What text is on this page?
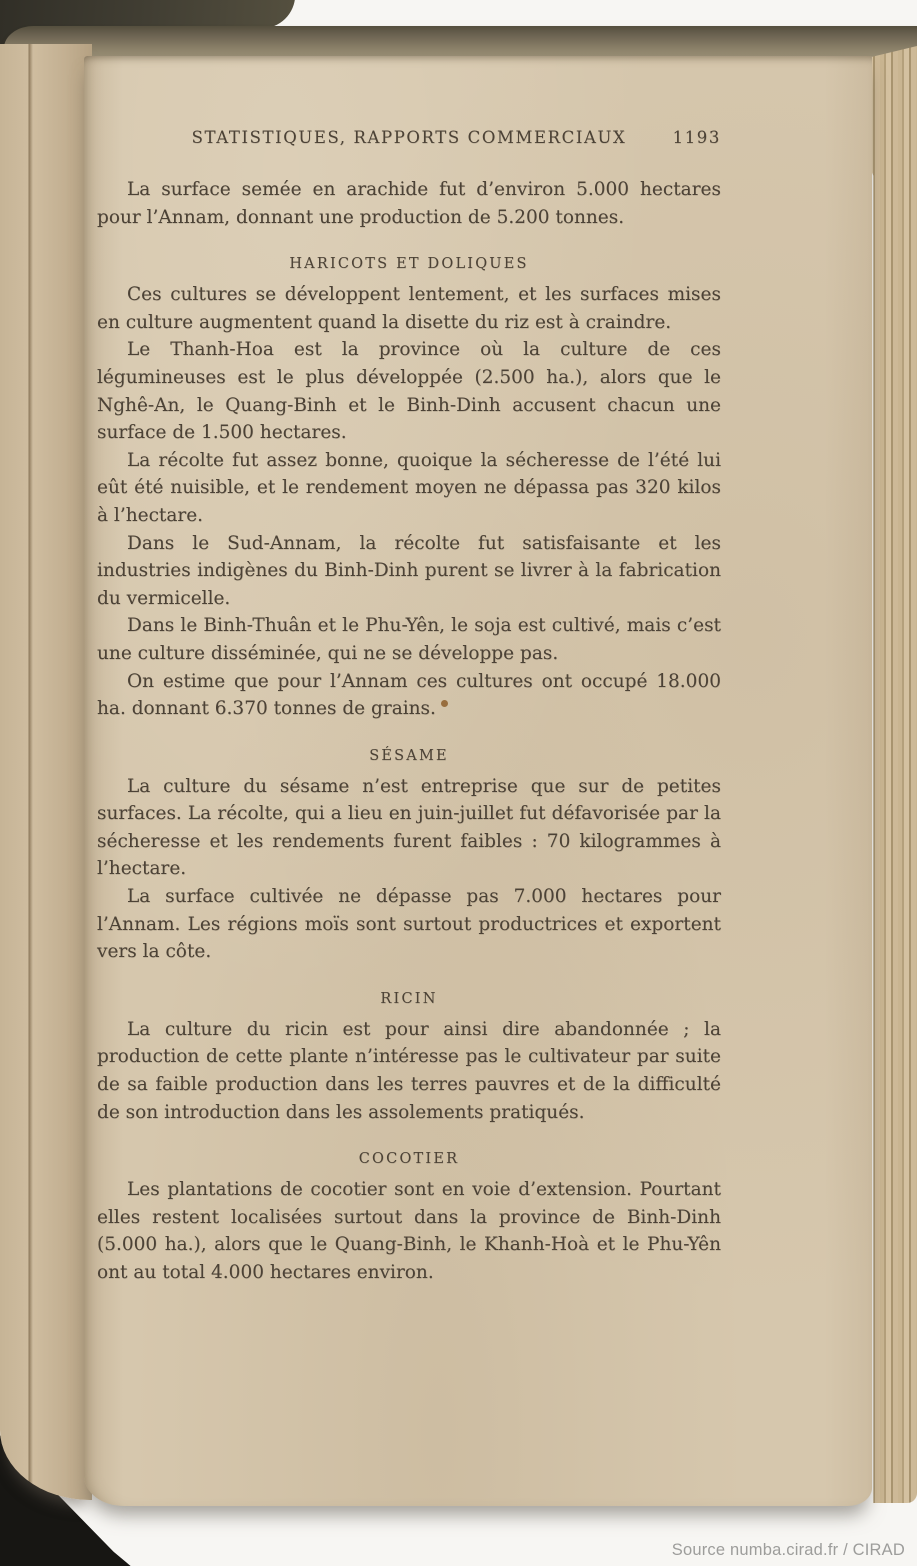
STATISTIQUES, RAPPORTS COMMERCIAUX	1193

La surface semée en arachide fut d’environ 5.000 hectares pour l’Annam, donnant une production de 5.200 tonnes.

HARICOTS ET DOLIQUES

Ces cultures se développent lentement, et les surfaces mises en culture augmentent quand la disette du riz est à craindre.

Le Thanh-Hoa est la province où la culture de ces légumineuses est le plus développée (2.500 ha.), alors que le Nghê-An, le Quang-Binh et le Binh-Dinh accusent chacun une surface de 1.500 hectares.

La récolte fut assez bonne, quoique la sécheresse de l’été lui eût été nuisible, et le rendement moyen ne dépassa pas 320 kilos à l’hectare.

Dans le Sud-Annam, la récolte fut satisfaisante et les industries indigènes du Binh-Dinh purent se livrer à la fabrication du vermicelle.

Dans le Binh-Thuân et le Phu-Yên, le soja est cultivé, mais c’est une culture disséminée, qui ne se développe pas.

On estime que pour l’Annam ces cultures ont occupé 18.000 ha. donnant 6.370 tonnes de grains.

SÉSAME

La culture du sésame n’est entreprise que sur de petites surfaces. La récolte, qui a lieu en juin-juillet fut défavorisée par la sécheresse et les rendements furent faibles : 70 kilogrammes à l’hectare.

La surface cultivée ne dépasse pas 7.000 hectares pour l’Annam. Les régions moïs sont surtout productrices et exportent vers la côte.

RICIN

La culture du ricin est pour ainsi dire abandonnée ; la production de cette plante n’intéresse pas le cultivateur par suite de sa faible production dans les terres pauvres et de la difficulté de son introduction dans les assolements pratiqués.

COCOTIER

Les plantations de cocotier sont en voie d’extension. Pourtant elles restent localisées surtout dans la province de Binh-Dinh (5.000 ha.), alors que le Quang-Binh, le Khanh-Hoà et le Phu-Yên ont au total 4.000 hectares environ.

Source numba.cirad.fr / CIRAD
